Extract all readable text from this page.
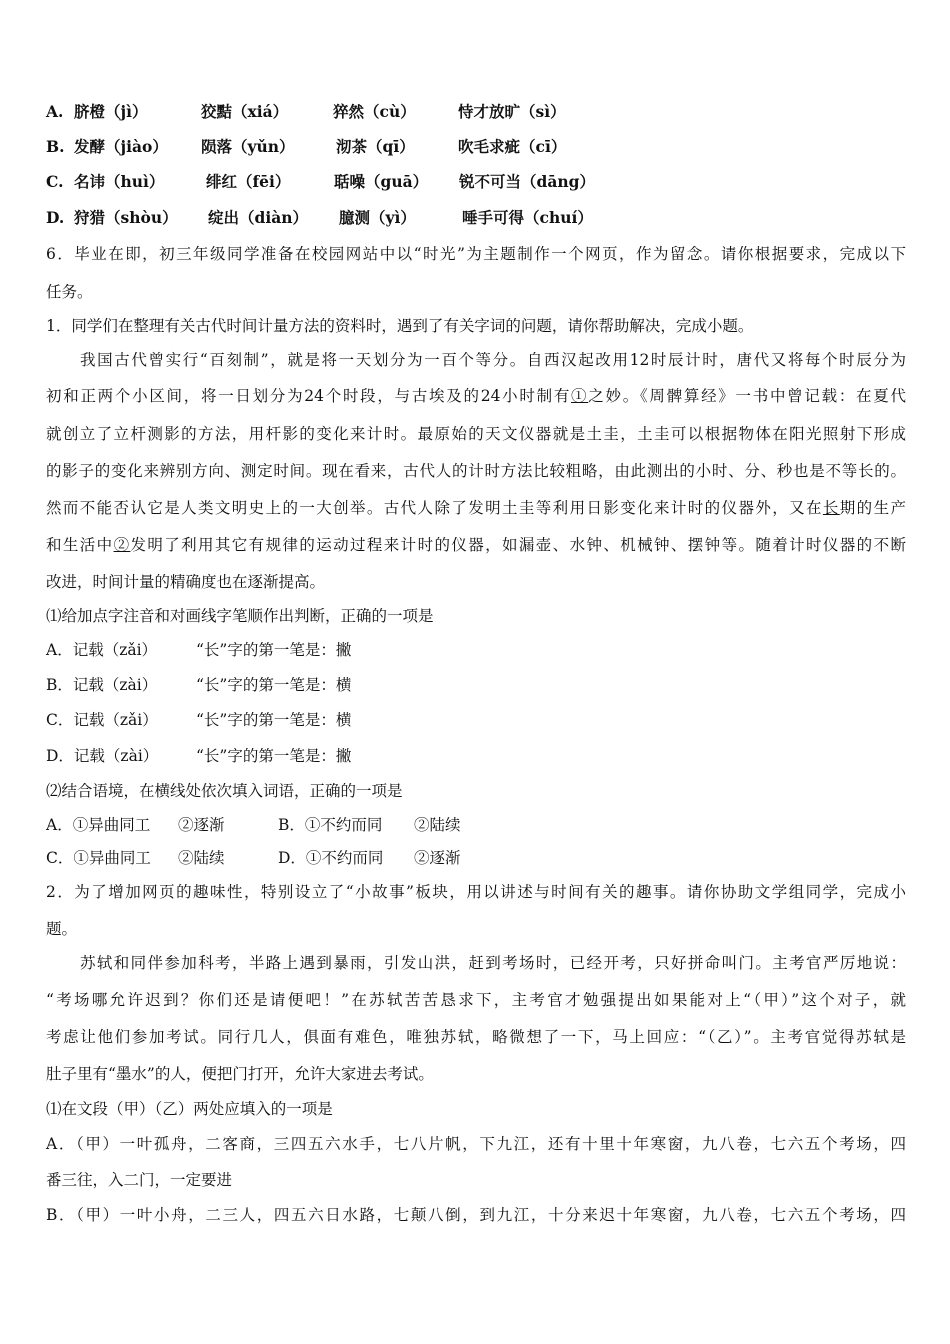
A. 脐橙（jì）	狡黠（xiá）	猝然（cù）	恃才放旷（sì）
B. 发酵（jiào） 陨落（yǔn）	沏茶（qī）	吹毛求疵（cī）
C. 名讳（huì）	绯红（fēi）	聒噪（guā） 锐不可当（dāng）
D. 狩猎（shòu） 绽出（diàn） 臆测（yì）	唾手可得（chuí）
6．毕业在即，初三年级同学准备在校园网站中以“时光”为主题制作一个网页，作为留念。请你根据要求，完成以下
任务。
1．同学们在整理有关古代时间计量方法的资料时，遇到了有关字词的问题，请你帮助解决，完成小题。
我国古代曾实行“百刻制”，就是将一天划分为一百个等分。自西汉起改用12时辰计时，唐代又将每个时辰分为
初和正两个小区间，将一日划分为24个时段，与古埃及的24小时制有①之妙。《周髀算经》一书中曾记载：在夏代
就创立了立杆测影的方法，用杆影的变化来计时。最原始的天文仪器就是土圭，土圭可以根据物体在阳光照射下形成
的影子的变化来辨别方向、测定时间。现在看来，古代人的计时方法比较粗略，由此测出的小时、分、秒也是不等长的。
然而不能否认它是人类文明史上的一大创举。古代人除了发明土圭等利用日影变化来计时的仪器外，又在长期的生产
和生活中②发明了利用其它有规律的运动过程来计时的仪器，如漏壶、水钟、机械钟、摆钟等。随着计时仪器的不断
改进，时间计量的精确度也在逐渐提高。
⑴给加点字注音和对画线字笔顺作出判断，正确的一项是
A．记载（zǎi）	“长”字的第一笔是：撇
B．记载（zài） “长”字的第一笔是：横
C．记载（zǎi） “长”字的第一笔是：横
D．记载（zài） “长”字的第一笔是：撇
⑵结合语境，在横线处依次填入词语，正确的一项是
A．①异曲同工 ②逐渐	B．①不约而同 ②陆续
C．①异曲同工 ②陆续	D．①不约而同 ②逐渐
2．为了增加网页的趣味性，特别设立了“小故事”板块，用以讲述与时间有关的趣事。请你协助文学组同学，完成小
题。
苏轼和同伴参加科考，半路上遇到暴雨，引发山洪，赶到考场时，已经开考，只好拼命叫门。主考官严厉地说：
“考场哪允许迟到？你们还是请便吧！”在苏轼苦苦恳求下，主考官才勉强提出如果能对上“（甲）”这个对子，就
考虑让他们参加考试。同行几人，俱面有难色，唯独苏轼，略微想了一下，马上回应：“（乙）”。主考官觉得苏轼是
肚子里有“墨水”的人，便把门打开，允许大家进去考试。
⑴在文段（甲）（乙）两处应填入的一项是
A．（甲）一叶孤舟，二客商，三四五六水手，七八片帆，下九江，还有十里十年寒窗，九八卷，七六五个考场，四
番三往，入二门，一定要进
B．（甲）一叶小舟，二三人，四五六日水路，七颠八倒，到九江，十分来迟十年寒窗，九八卷，七六五个考场，四
